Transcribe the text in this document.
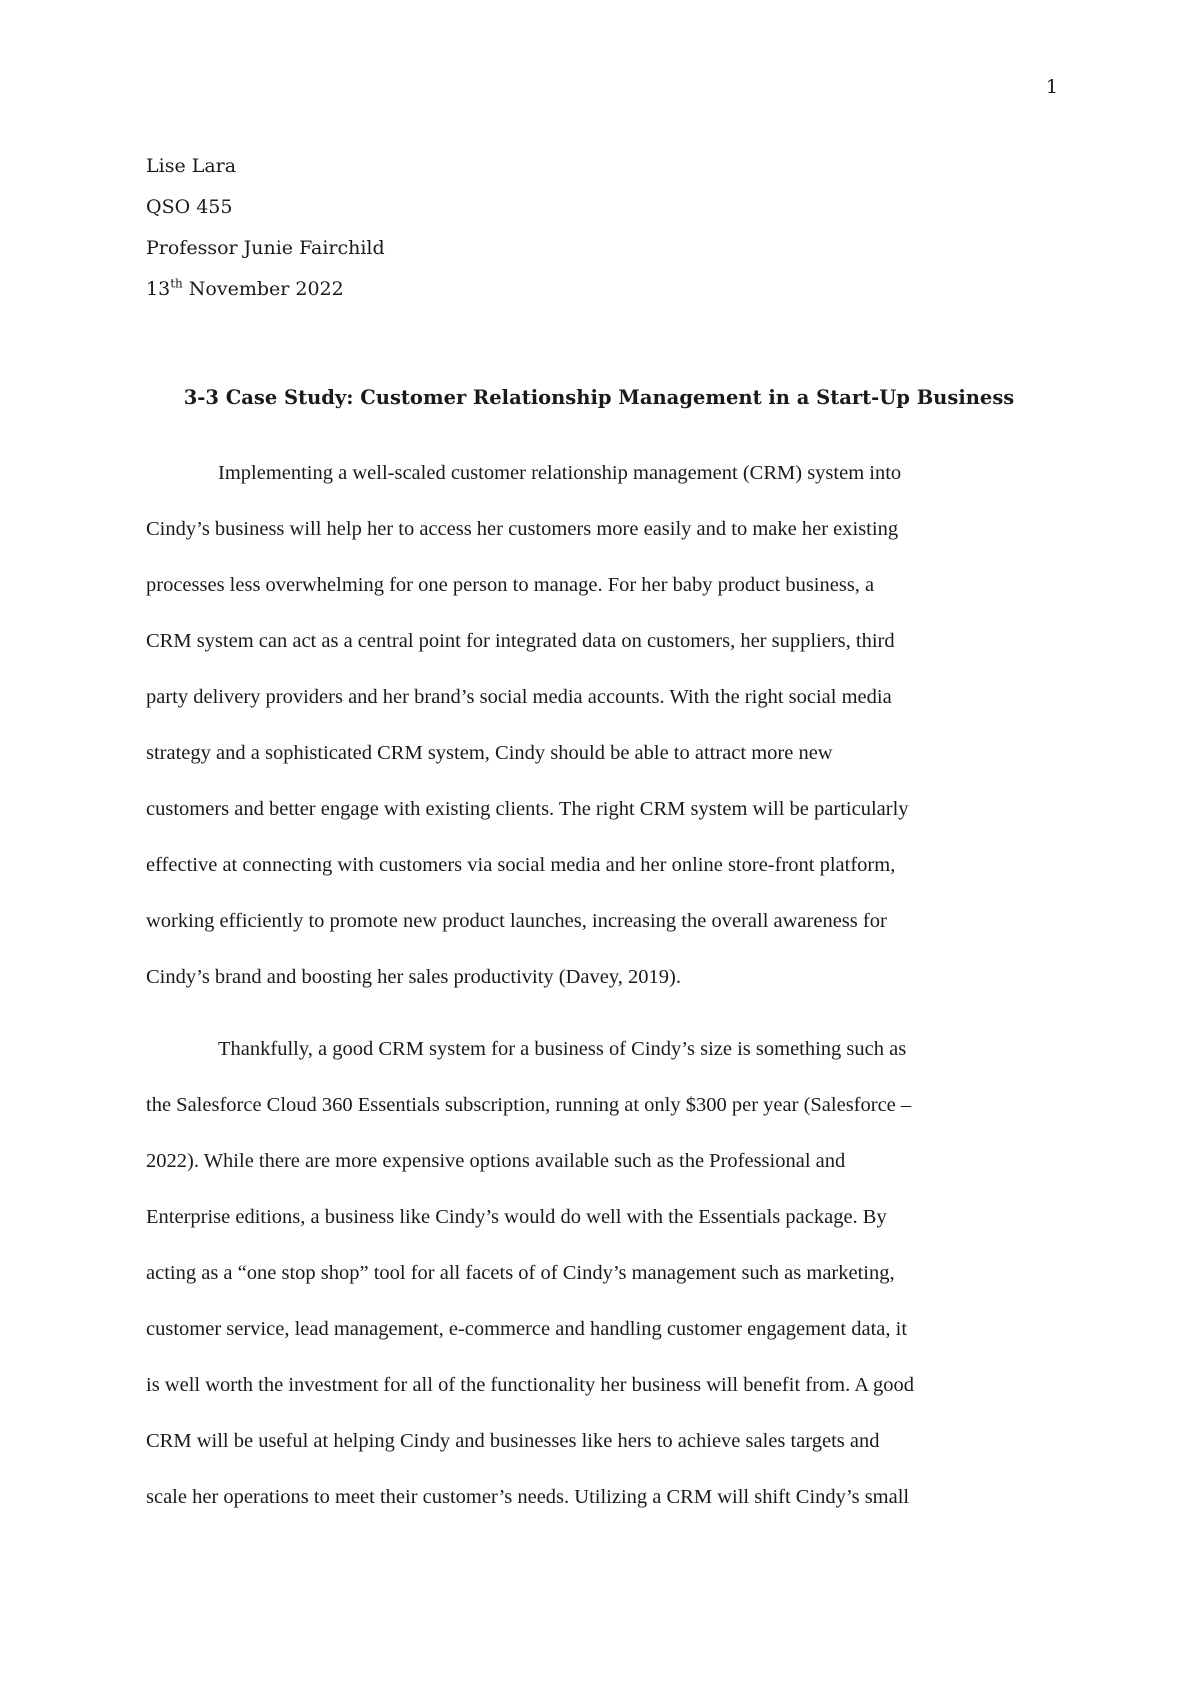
1
Lise Lara
QSO 455
Professor Junie Fairchild
13th November 2022
3-3 Case Study: Customer Relationship Management in a Start-Up Business

Implementing a well-scaled customer relationship management (CRM) system into
Cindy’s business will help her to access her customers more easily and to make her existing
processes less overwhelming for one person to manage. For her baby product business, a
CRM system can act as a central point for integrated data on customers, her suppliers, third
party delivery providers and her brand’s social media accounts. With the right social media
strategy and a sophisticated CRM system, Cindy should be able to attract more new
customers and better engage with existing clients. The right CRM system will be particularly
effective at connecting with customers via social media and her online store-front platform,
working efficiently to promote new product launches, increasing the overall awareness for
Cindy’s brand and boosting her sales productivity (Davey, 2019).

Thankfully, a good CRM system for a business of Cindy’s size is something such as
the Salesforce Cloud 360 Essentials subscription, running at only $300 per year (Salesforce –
2022). While there are more expensive options available such as the Professional and
Enterprise editions, a business like Cindy’s would do well with the Essentials package. By
acting as a “one stop shop” tool for all facets of of Cindy’s management such as marketing,
customer service, lead management, e-commerce and handling customer engagement data, it
is well worth the investment for all of the functionality her business will benefit from. A good
CRM will be useful at helping Cindy and businesses like hers to achieve sales targets and
scale her operations to meet their customer’s needs. Utilizing a CRM will shift Cindy’s small
